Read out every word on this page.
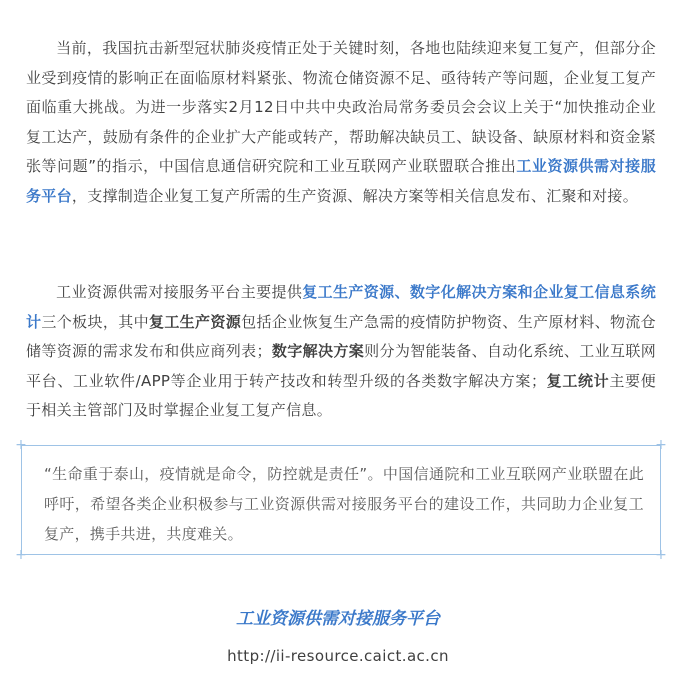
当前，我国抗击新型冠状肺炎疫情正处于关键时刻，各地也陆续迎来复工复产，但部分企业受到疫情的影响正在面临原材料紧张、物流仓储资源不足、亟待转产等问题，企业复工复产面临重大挑战。为进一步落实2月12日中共中央政治局常务委员会会议上关于“加快推动企业复工达产，鼓励有条件的企业扩大产能或转产，帮助解决缺员工、缺设备、缺原材料和资金紧张等问题”的指示，中国信息通信研究院和工业互联网产业联盟联合推出工业资源供需对接服务平台，支撑制造企业复工复产所需的生产资源、解决方案等相关信息发布、汇聚和对接。

工业资源供需对接服务平台主要提供复工生产资源、数字化解决方案和企业复工信息系统计三个板块，其中复工生产资源包括企业恢复生产急需的疫情防护物资、生产原材料、物流仓储等资源的需求发布和供应商列表；数字解决方案则分为智能装备、自动化系统、工业互联网平台、工业软件/APP等企业用于转产技改和转型升级的各类数字解决方案；复工统计主要便于相关主管部门及时掌握企业复工复产信息。

+	+
+	+

“生命重于泰山，疫情就是命令，防控就是责任”。中国信通院和工业互联网产业联盟在此呼吁，希望各类企业积极参与工业资源供需对接服务平台的建设工作，共同助力企业复工复产，携手共进，共度难关。

工业资源供需对接服务平台
http://ii-resource.caict.ac.cn
